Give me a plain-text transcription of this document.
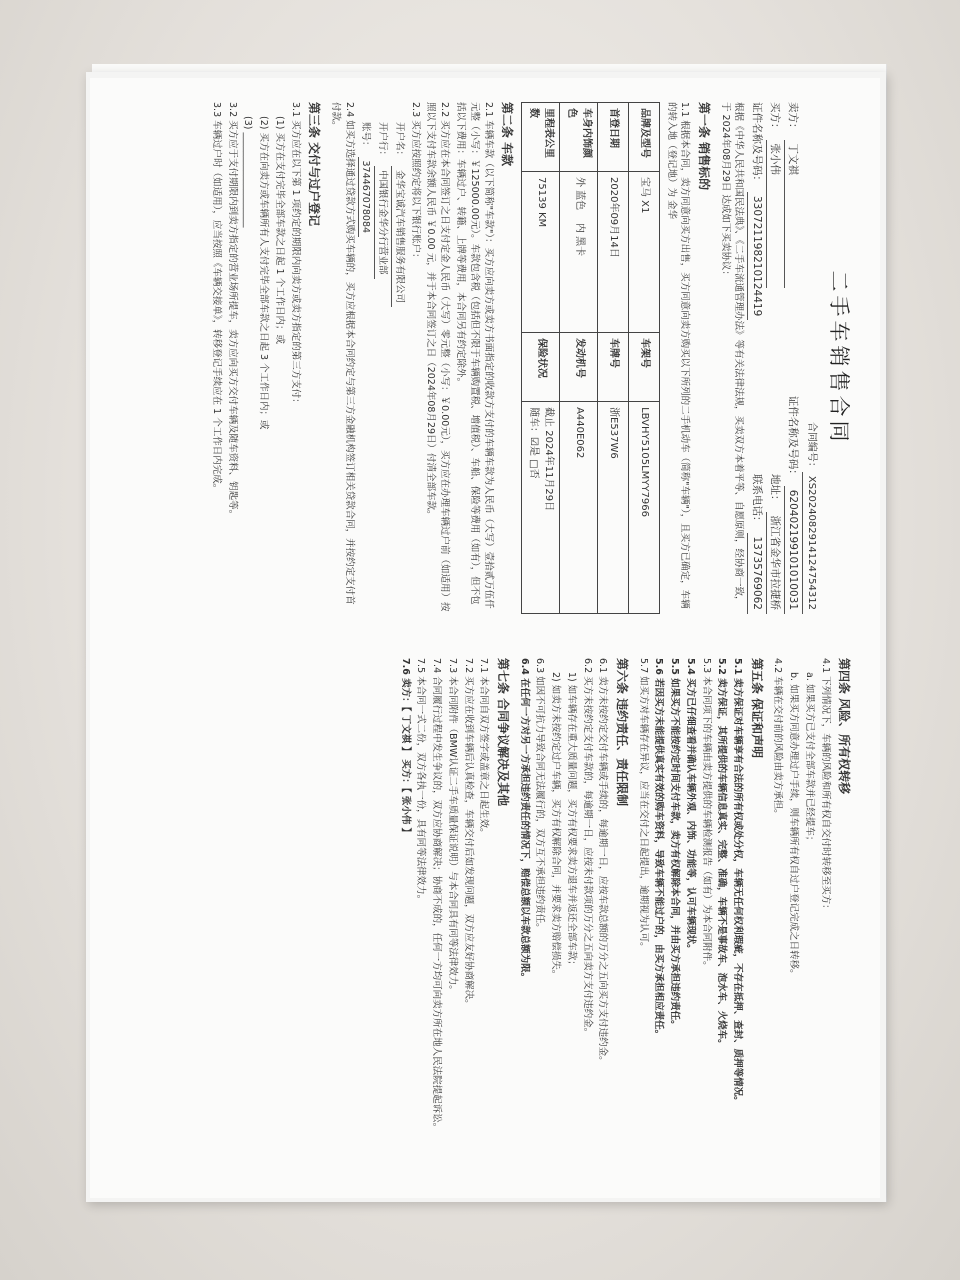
二手车销售合同
合同编号：XS20240829141247543​12
卖方：
丁文祺
证件名称及号码：
620402199101010031
买方：
张小伟
地址：
浙江省金华市拉捷桥
证件名称及号码：
330721198210124419
联系电话：
13735769062
根据《中华人民共和国民法典》、《二手车流通管理办法》等有关法律法规，买卖双方本着平等、自愿原则，经协商一致，于 2024年08月29日 达成如下买卖协议：
第一条 销售标的
1.1 根据本合同，卖方同意向买方出售，买方同意向卖方购买以下所列的二手机动车（简称"车辆"），且买方已确定，车辆的转入地（登记地）为 金华
品牌及型号	宝马 X1	车架号	LBVHY5105LMYY7966
首登日期	2020年09月14日	车牌号	浙E537W6
车身内饰颜色	外 蓝色    内 黑卡	发动机号	A440E062
里程表公里数	75139 KM	保险状况	截止 2024年11月29日
随车：☑是 □否
第二条 车款
2.1 车辆车款（以下简称"车款"）：买方应向卖方或卖方书面指定的收款方支付的车辆车款为人民币（大写）壹拾贰万伍仟元整（小写：￥125000.00元）。车款包含税（包括但不限于车辆购置税、增值税）、车船、保险等费用（如有），但不包括以下费用：车辆过户、转籍、上牌等费用，本合同另有约定除外。
2.2 买方应在本合同签订之日支付定金人民币（大写）零元整（小写：￥0.00元），买方应在办理车辆过户前（如适用）按照以下支付车款余额人民币 ￥0.00 元，并于本合同签订之日（2024年08月29日）付清全部车款。
2.3 买方应按照约定将以下银行账户：
开户名：
金华宝诚汽车销售服务有限公司
开户行：
中国银行金华分行营业部
账号：
374467078084
2.4 如买方选择通过贷款方式购买车辆的，买方应根据本合同约定与第三方金融机构签订相关贷款合同，并按约定支付首付款。
第三条 交付与过户登记
3.1 买方应在以下第 1 项约定的期限内向卖方或卖方指定的第三方支付：
(1) 买方在支付完毕全部车款之日起 1 个工作日内；或
(2) 买方在向卖方或车辆所有人支付完毕全部车款之日起 3 个工作日内；或
(3) ____________________
3.2 买方应于支付期限内到卖方指定的营业场所提车，卖方应向买方交付车辆及随车资料、钥匙等。
3.3 车辆过户时（如适用），应当按照《车辆交接单》，转移登记手续应在 1 个工作日内完成。
第四条 风险、所有权转移
4.1 下列情况下，车辆的风险和所有权自交付时转移至买方：
a. 如果买方已支付全部车款并已经提车；
b. 如果买方同意办理过户手续，则车辆所有权自过户登记完成之日转移。
4.2 车辆在交付前的风险由卖方承担。
第五条 保证和声明
5.1 卖方保证对车辆享有合法的所有权或处分权，车辆无任何权利瑕疵，不存在抵押、查封、质押等情况。
5.2 卖方保证，其所提供的车辆信息真实、完整、准确，车辆不是事故车、泡水车、火烧车。
5.3 本合同项下的车辆由卖方提供的车辆检测报告（如有）为本合同附件。
5.4 买方已仔细查看并确认车辆外观、内饰、功能等，认可车辆现状。
5.5 如果买方不能按约定时间支付车款，卖方有权解除本合同，并由买方承担违约责任。
5.6 若因买方未能提供真实有效的购车资料，导致车辆不能过户的，由买方承担相应责任。
5.7 如买方对车辆存在异议，应当在交付之日起提出，逾期视为认可。
第六条 违约责任、责任限制
6.1 卖方未按约定交付车辆或手续的，每逾期一日，应按车款总额的万分之五向买方支付违约金。
6.2 买方未按约定支付车款的，每逾期一日，应按未付款项的万分之五向卖方支付违约金。
1) 如车辆存在重大质量问题，买方有权要求卖方退车并返还全部车款；
2) 如卖方未按约定过户车辆，买方有权解除合同，并要求卖方赔偿损失。
6.3 如因不可抗力导致合同无法履行的，双方互不承担违约责任。
6.4 在任何一方对另一方承担违约责任的情况下，赔偿总额以车款总额为限。
第七条 合同争议解决及其他
7.1 本合同自双方签字或盖章之日起生效。
7.2 买方应在收到车辆后认真检查，车辆交付后如发现问题，双方应友好协商解决。
7.3 本合同附件（BMW认证二手车质量保证说明）与本合同具有同等法律效力。
7.4 合同履行过程中发生争议的，双方应协商解决；协商不成的，任何一方均可向卖方所在地人民法院提起诉讼。
7.5 本合同一式二份，双方各执一份，具有同等法律效力。
7.6 卖方：【 丁文祺 】 买方：【 张小伟 】
